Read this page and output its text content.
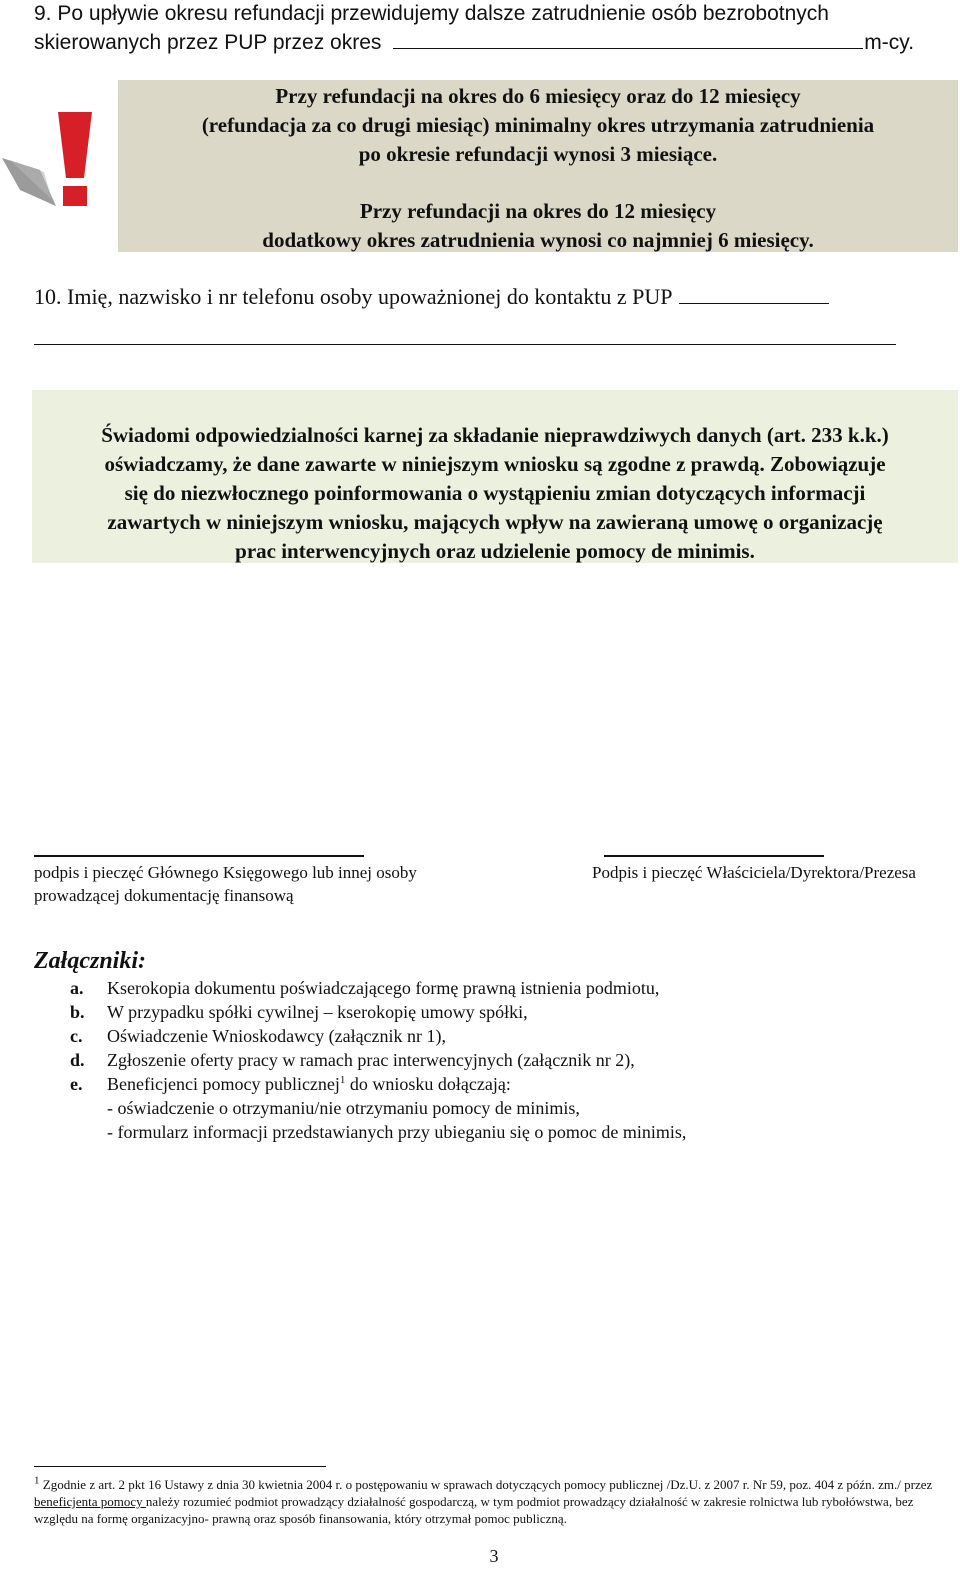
9. Po upływie okresu refundacji przewidujemy dalsze zatrudnienie osób bezrobotnych
skierowanych przez PUP przez okres	m-cy.

Przy refundacji na okres do 6 miesięcy oraz do 12 miesięcy

(refundacja za co drugi miesiąc) minimalny okres utrzymania zatrudnienia

po okresie refundacji wynosi 3 miesiące.

Przy refundacji na okres do 12 miesięcy

dodatkowy okres zatrudnienia wynosi co najmniej 6 miesięcy.

10. Imię, nazwisko i nr telefonu osoby upoważnionej do kontaktu z PUP

Świadomi odpowiedzialności karnej za składanie nieprawdziwych danych (art. 233 k.k.)

oświadczamy, że dane zawarte w niniejszym wniosku są zgodne z prawdą. Zobowiązuje

się do niezwłocznego poinformowania o wystąpieniu zmian dotyczących informacji

zawartych w niniejszym wniosku, mających wpływ na zawieraną umowę o organizację

prac interwencyjnych oraz udzielenie pomocy de minimis.

podpis i pieczęć Głównego Księgowego lub innej osoby
prowadzącej dokumentację finansową
Podpis i pieczęć Właściciela/Dyrektora/Prezesa
Załączniki:
a.	Kserokopia dokumentu poświadczającego formę prawną istnienia podmiotu,
b.	W przypadku spółki cywilnej – kserokopię umowy spółki,
c.	Oświadczenie Wnioskodawcy (załącznik nr 1),
d.	Zgłoszenie oferty pracy w ramach prac interwencyjnych (załącznik nr 2),
e.	Beneficjenci pomocy publicznej$^1$ do wniosku dołączają:
- oświadczenie o otrzymaniu/nie otrzymaniu pomocy de minimis,
- formularz informacji przedstawianych przy ubieganiu się o pomoc de minimis,
$^1$ Zgodnie z art. 2 pkt 16 Ustawy z dnia 30 kwietnia 2004 r. o postępowaniu w sprawach dotyczących pomocy publicznej /Dz.U. z 2007 r. Nr 59, poz. 404 z późn. zm./ przez beneficjenta pomocy należy rozumieć podmiot prowadzący działalność gospodarczą, w tym podmiot prowadzący działalność w zakresie rolnictwa lub rybołówstwa, bez względu na formę organizacyjno- prawną oraz sposób finansowania, który otrzymał pomoc publiczną.
3
